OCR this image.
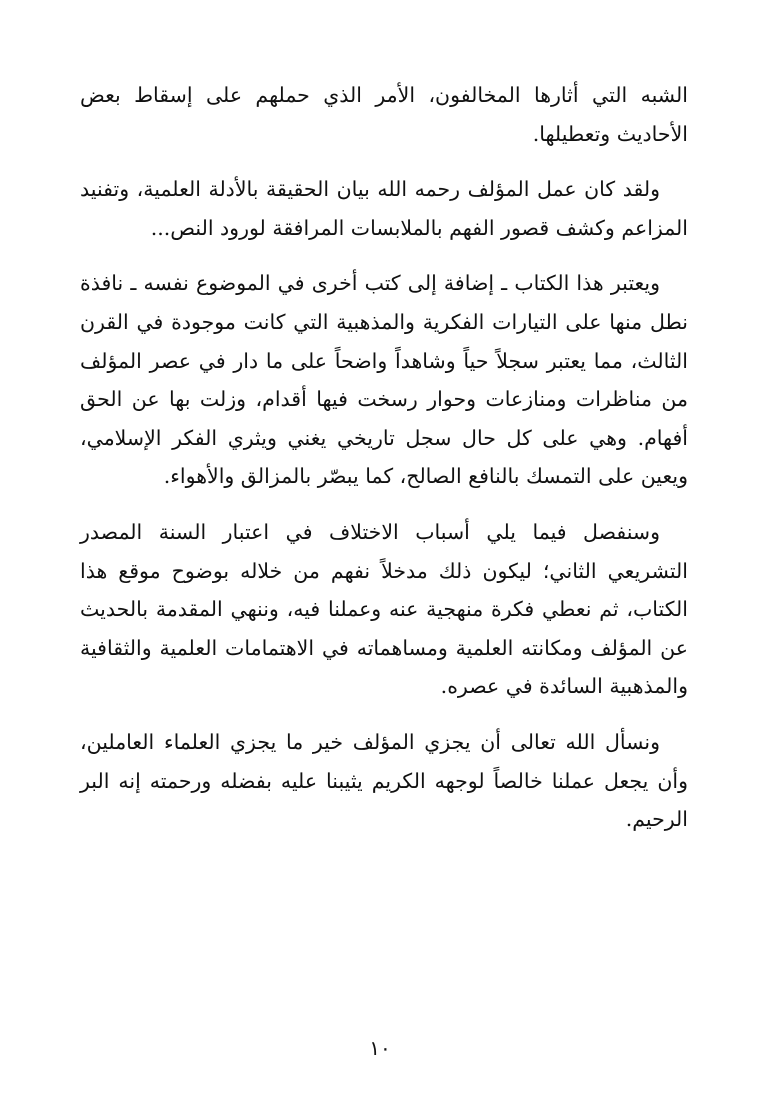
الشبه التي أثارها المخالفون، الأمر الذي حملهم على إسقاط بعض الأحاديث وتعطيلها.

ولقد كان عمل المؤلف رحمه الله بيان الحقيقة بالأدلة العلمية، وتفنيد المزاعم وكشف قصور الفهم بالملابسات المرافقة لورود النص...

ويعتبر هذا الكتاب ـ إضافة إلى كتب أخرى في الموضوع نفسه ـ نافذة نطل منها على التيارات الفكرية والمذهبية التي كانت موجودة في القرن الثالث، مما يعتبر سجلاً حياً وشاهداً واضحاً على ما دار في عصر المؤلف من مناظرات ومنازعات وحوار رسخت فيها أقدام، وزلت بها عن الحق أفهام. وهي على كل حال سجل تاريخي يغني ويثري الفكر الإسلامي، ويعين على التمسك بالنافع الصالح، كما يبصّر بالمزالق والأهواء.

وسنفصل فيما يلي أسباب الاختلاف في اعتبار السنة المصدر التشريعي الثاني؛ ليكون ذلك مدخلاً نفهم من خلاله بوضوح موقع هذا الكتاب، ثم نعطي فكرة منهجية عنه وعملنا فيه، وننهي المقدمة بالحديث عن المؤلف ومكانته العلمية ومساهماته في الاهتمامات العلمية والثقافية والمذهبية السائدة في عصره.

ونسأل الله تعالى أن يجزي المؤلف خير ما يجزي العلماء العاملين، وأن يجعل عملنا خالصاً لوجهه الكريم يثيبنا عليه بفضله ورحمته إنه البر الرحيم.

١٠
